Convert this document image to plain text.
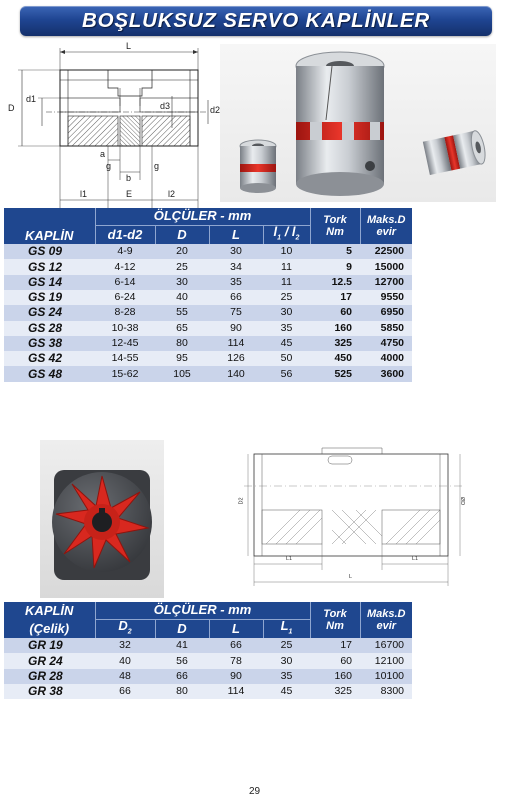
BOŞLUKSUZ SERVO KAPLİNLER
L
D
d1
d3	d2
a
b
g	g
l1	E	l2
KAPLİN	ÖLÇÜLER - mm				Tork
Nm	Maks.D
evir
	d1-d2	D	L	$l_1 / l_2$
GS 09	4-9	20	30	10	5	22500
GS 12	4-12	25	34	11	9	15000
GS 14	6-14	30	35	11	12.5	12700
GS 19	6-24	40	66	25	17	9550
GS 24	8-28	55	75	30	60	6950
GS 28	10-38	65	90	35	160	5850
GS 38	12-45	80	114	45	325	4750
GS 42	14-55	95	126	50	450	4000
GS 48	15-62	105	140	56	525	3600
D2	ØD
L
L1	L1
KAPLİN	ÖLÇÜLER - mm				Tork
Nm	Maks.D
evir
(Çelik)	$D_2$	D	L	$L_1$
GR 19	32	41	66	25	17	16700
GR 24	40	56	78	30	60	12100
GR 28	48	66	90	35	160	10100
GR 38	66	80	114	45	325	8300
29
